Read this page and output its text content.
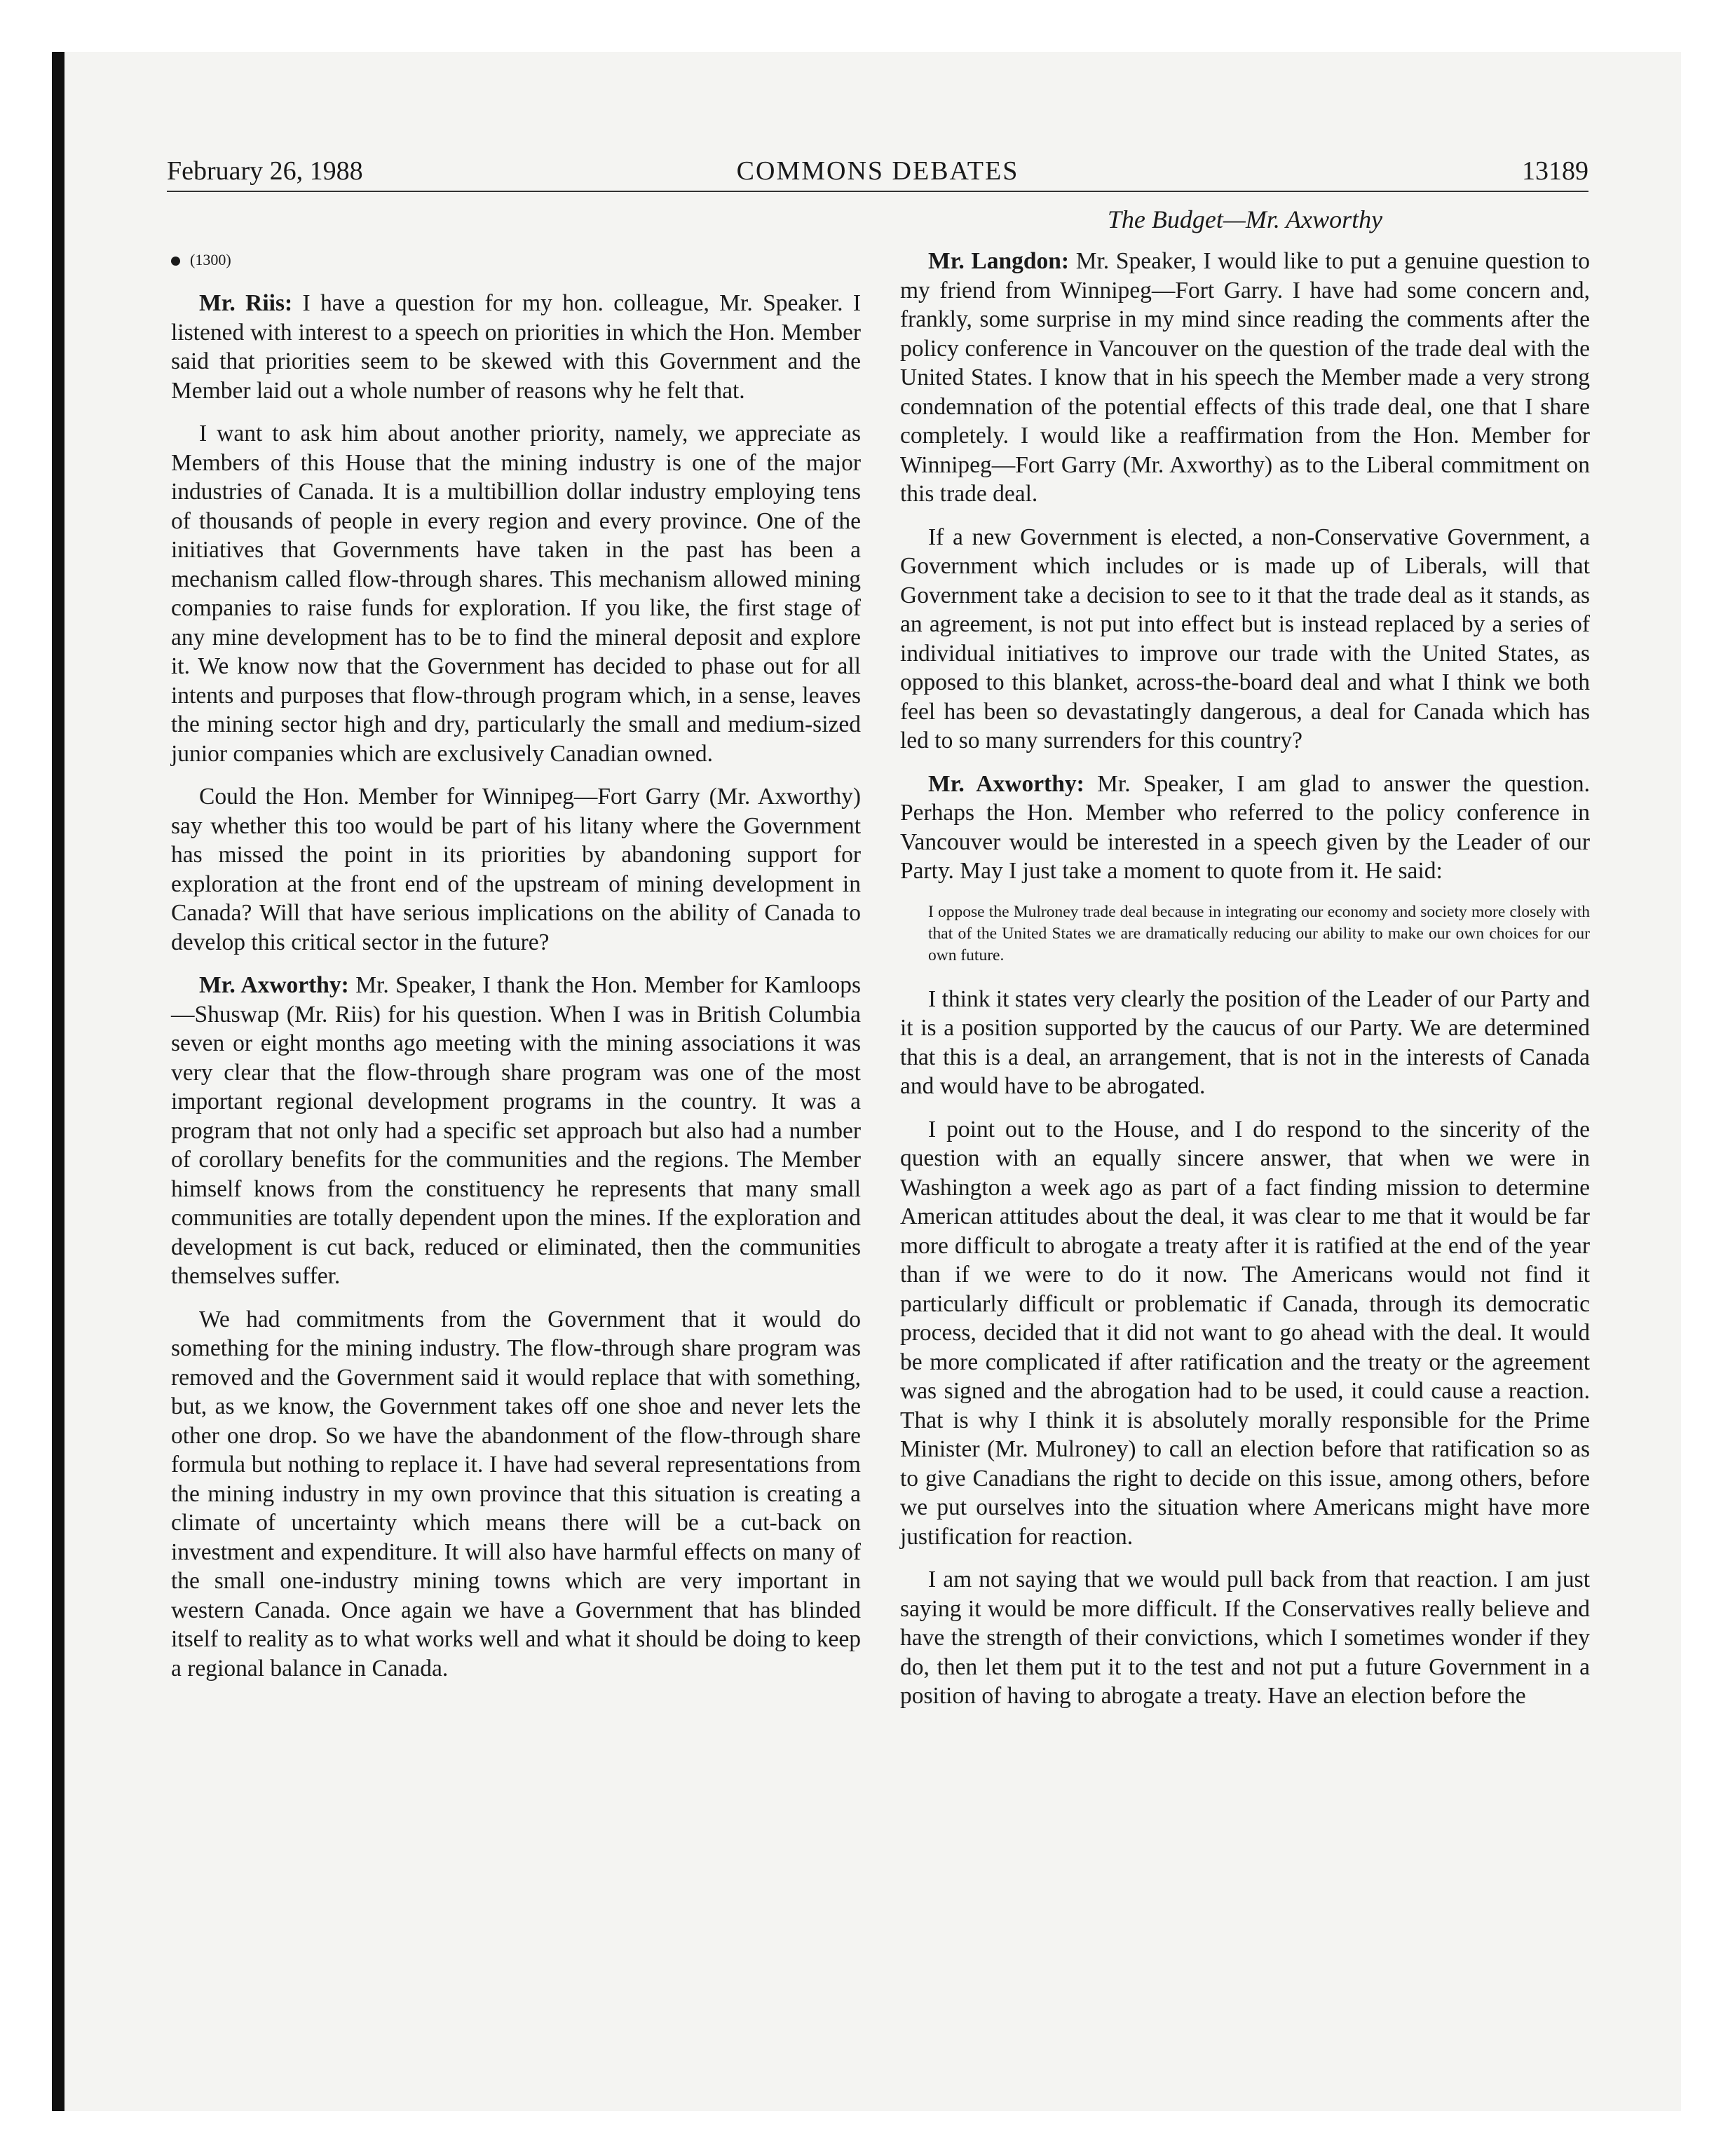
February 26, 1988	COMMONS DEBATES	13189
(1300)

Mr. Riis: I have a question for my hon. colleague, Mr. Speaker. I listened with interest to a speech on priorities in which the Hon. Member said that priorities seem to be skewed with this Government and the Member laid out a whole number of reasons why he felt that.

I want to ask him about another priority, namely, we appreciate as Members of this House that the mining industry is one of the major industries of Canada. It is a multibillion dollar industry employing tens of thousands of people in every region and every province. One of the initiatives that Governments have taken in the past has been a mechanism called flow-through shares. This mechanism allowed mining companies to raise funds for exploration. If you like, the first stage of any mine development has to be to find the mineral deposit and explore it. We know now that the Government has decided to phase out for all intents and purposes that flow-through program which, in a sense, leaves the mining sector high and dry, particularly the small and medium-sized junior companies which are exclusively Canadian owned.

Could the Hon. Member for Winnipeg—Fort Garry (Mr. Axworthy) say whether this too would be part of his litany where the Government has missed the point in its priorities by abandoning support for exploration at the front end of the upstream of mining development in Canada? Will that have serious implications on the ability of Canada to develop this critical sector in the future?

Mr. Axworthy: Mr. Speaker, I thank the Hon. Member for Kamloops—Shuswap (Mr. Riis) for his question. When I was in British Columbia seven or eight months ago meeting with the mining associations it was very clear that the flow-through share program was one of the most important regional development programs in the country. It was a program that not only had a specific set approach but also had a number of corollary benefits for the communities and the regions. The Member himself knows from the constituency he represents that many small communities are totally dependent upon the mines. If the exploration and development is cut back, reduced or eliminated, then the communities themselves suffer.

We had commitments from the Government that it would do something for the mining industry. The flow-through share program was removed and the Government said it would replace that with something, but, as we know, the Government takes off one shoe and never lets the other one drop. So we have the abandonment of the flow-through share formula but nothing to replace it. I have had several representations from the mining industry in my own province that this situation is creating a climate of uncertainty which means there will be a cut-back on investment and expenditure. It will also have harmful effects on many of the small one-industry mining towns which are very important in western Canada. Once again we have a Government that has blinded itself to reality as to what works well and what it should be doing to keep a regional balance in Canada.

The Budget—Mr. Axworthy

Mr. Langdon: Mr. Speaker, I would like to put a genuine question to my friend from Winnipeg—Fort Garry. I have had some concern and, frankly, some surprise in my mind since reading the comments after the policy conference in Vancouver on the question of the trade deal with the United States. I know that in his speech the Member made a very strong condemnation of the potential effects of this trade deal, one that I share completely. I would like a reaffirmation from the Hon. Member for Winnipeg—Fort Garry (Mr. Axworthy) as to the Liberal commitment on this trade deal.

If a new Government is elected, a non-Conservative Government, a Government which includes or is made up of Liberals, will that Government take a decision to see to it that the trade deal as it stands, as an agreement, is not put into effect but is instead replaced by a series of individual initiatives to improve our trade with the United States, as opposed to this blanket, across-the-board deal and what I think we both feel has been so devastatingly dangerous, a deal for Canada which has led to so many surrenders for this country?

Mr. Axworthy: Mr. Speaker, I am glad to answer the question. Perhaps the Hon. Member who referred to the policy conference in Vancouver would be interested in a speech given by the Leader of our Party. May I just take a moment to quote from it. He said:

I oppose the Mulroney trade deal because in integrating our economy and society more closely with that of the United States we are dramatically reducing our ability to make our own choices for our own future.

I think it states very clearly the position of the Leader of our Party and it is a position supported by the caucus of our Party. We are determined that this is a deal, an arrangement, that is not in the interests of Canada and would have to be abrogated.

I point out to the House, and I do respond to the sincerity of the question with an equally sincere answer, that when we were in Washington a week ago as part of a fact finding mission to determine American attitudes about the deal, it was clear to me that it would be far more difficult to abrogate a treaty after it is ratified at the end of the year than if we were to do it now. The Americans would not find it particularly difficult or problematic if Canada, through its democratic process, decided that it did not want to go ahead with the deal. It would be more complicated if after ratification and the treaty or the agreement was signed and the abrogation had to be used, it could cause a reaction. That is why I think it is absolutely morally responsible for the Prime Minister (Mr. Mulroney) to call an election before that ratification so as to give Canadians the right to decide on this issue, among others, before we put ourselves into the situation where Americans might have more justification for reaction.

I am not saying that we would pull back from that reaction. I am just saying it would be more difficult. If the Conservatives really believe and have the strength of their convictions, which I sometimes wonder if they do, then let them put it to the test and not put a future Government in a position of having to abrogate a treaty. Have an election before the
